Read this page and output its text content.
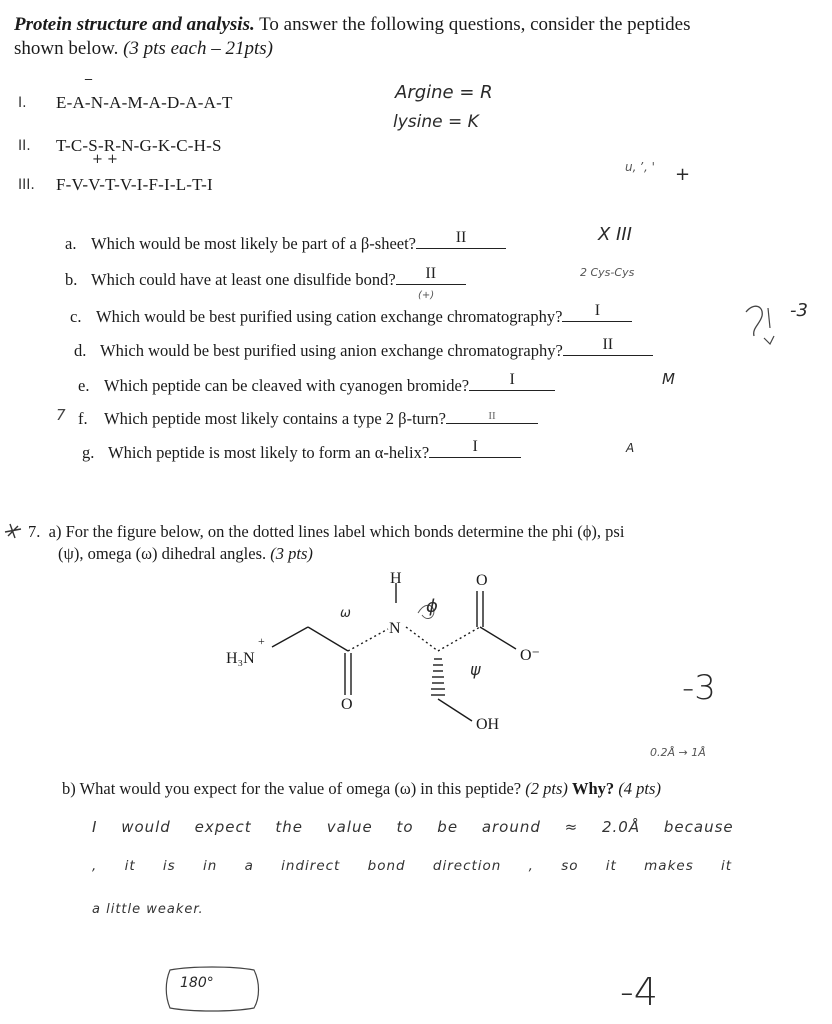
Protein structure and analysis. To answer the following questions, consider the peptides
shown below. (3 pts each – 21pts)
I. E-A-N-A-M-A-D-A-A-T
II. T-C-S-R-N-G-K-C-H-S
III. F-V-V-T-V-I-F-I-L-T-I
‾
+ +
Argine = R
lysine = K
u, ʼ, ' +
a. Which would be most likely be part of a β-sheet? II	X III
b. Which could have at least one disulfide bond? II	2 Cys-Cys
(+)
c. Which would be best purified using cation exchange chromatography? I	-3
d. Which would be best purified using anion exchange chromatography? II
e. Which peptide can be cleaved with cyanogen bromide?	I	M
7 f. Which peptide most likely contains a type 2 β-turn?	II
g. Which peptide is most likely to form an α-helix?	I	A
7. a) For the figure below, on the dotted lines label which bonds determine the phi (ϕ), psi
(ψ), omega (ω) dihedral angles. (3 pts)
H₃N
+
H
N
O
O
O⁻
OH
ω	ϕ
ψ	-3
0.2Å → 1Å
b) What would you expect for the value of omega (ω) in this peptide? (2 pts) Why? (4 pts)
I would expect the value to be around ≈ 2.0Å because
, it is in a indirect bond direction , so it makes it
a little weaker.
180°	-4
